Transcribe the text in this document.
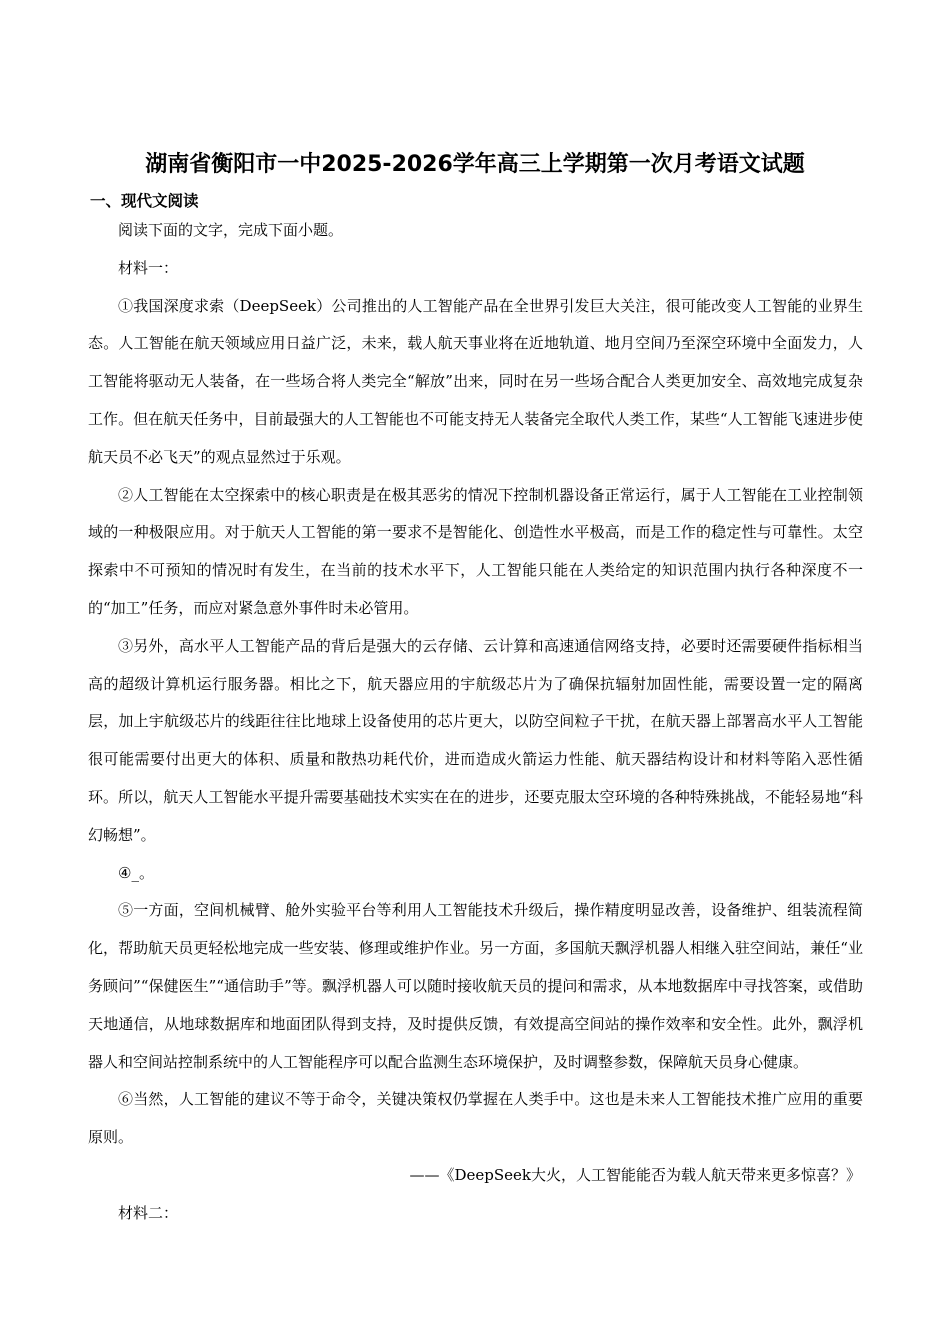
湖南省衡阳市一中2025-2026学年高三上学期第一次月考语文试题
一、现代文阅读

阅读下面的文字，完成下面小题。

材料一：

①我国深度求索（DeepSeek）公司推出的人工智能产品在全世界引发巨大关注，很可能改变人工智能的业界生态。人工智能在航天领域应用日益广泛，未来，载人航天事业将在近地轨道、地月空间乃至深空环境中全面发力，人工智能将驱动无人装备，在一些场合将人类完全“解放”出来，同时在另一些场合配合人类更加安全、高效地完成复杂工作。但在航天任务中，目前最强大的人工智能也不可能支持无人装备完全取代人类工作，某些“人工智能飞速进步使航天员不必飞天”的观点显然过于乐观。

②人工智能在太空探索中的核心职责是在极其恶劣的情况下控制机器设备正常运行，属于人工智能在工业控制领域的一种极限应用。对于航天人工智能的第一要求不是智能化、创造性水平极高，而是工作的稳定性与可靠性。太空探索中不可预知的情况时有发生，在当前的技术水平下，人工智能只能在人类给定的知识范围内执行各种深度不一的“加工”任务，而应对紧急意外事件时未必管用。

③另外，高水平人工智能产品的背后是强大的云存储、云计算和高速通信网络支持，必要时还需要硬件指标相当高的超级计算机运行服务器。相比之下，航天器应用的宇航级芯片为了确保抗辐射加固性能，需要设置一定的隔离层，加上宇航级芯片的线距往往比地球上设备使用的芯片更大，以防空间粒子干扰，在航天器上部署高水平人工智能很可能需要付出更大的体积、质量和散热功耗代价，进而造成火箭运力性能、航天器结构设计和材料等陷入恶性循环。所以，航天人工智能水平提升需要基础技术实实在在的进步，还要克服太空环境的各种特殊挑战，不能轻易地“科幻畅想”。

④_。

⑤一方面，空间机械臂、舱外实验平台等利用人工智能技术升级后，操作精度明显改善，设备维护、组装流程简化，帮助航天员更轻松地完成一些安装、修理或维护作业。另一方面，多国航天飘浮机器人相继入驻空间站，兼任“业务顾问”“保健医生”“通信助手”等。飘浮机器人可以随时接收航天员的提问和需求，从本地数据库中寻找答案，或借助天地通信，从地球数据库和地面团队得到支持，及时提供反馈，有效提高空间站的操作效率和安全性。此外，飘浮机器人和空间站控制系统中的人工智能程序可以配合监测生态环境保护，及时调整参数，保障航天员身心健康。

⑥当然，人工智能的建议不等于命令，关键决策权仍掌握在人类手中。这也是未来人工智能技术推广应用的重要原则。

——《DeepSeek大火，人工智能能否为载人航天带来更多惊喜？》

材料二：
